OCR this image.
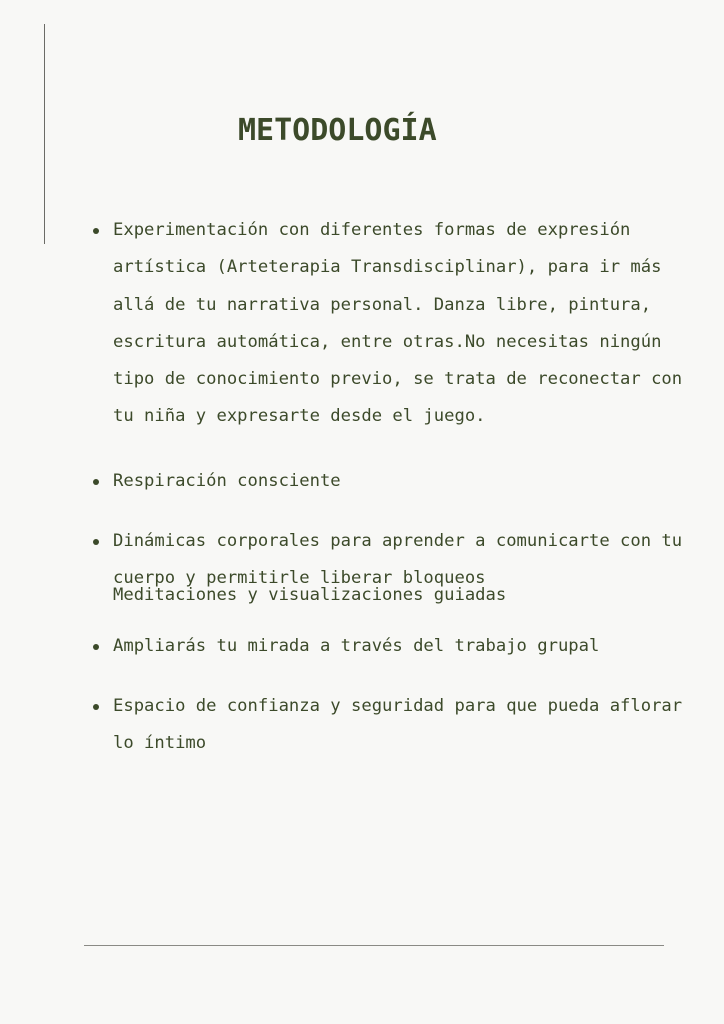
METODOLOGÍA
Experimentación con diferentes formas de expresión artística (Arteterapia Transdisciplinar), para ir más allá de tu narrativa personal. Danza libre, pintura, escritura automática, entre otras.No necesitas ningún tipo de conocimiento previo, se trata de reconectar con tu niña y expresarte desde el juego.
Respiración consciente
Dinámicas corporales para aprender a comunicarte con tu cuerpo y permitirle liberar bloqueos
Meditaciones y visualizaciones guiadas
Ampliarás tu mirada a través del trabajo grupal
Espacio de confianza y seguridad para que pueda aflorar lo íntimo
